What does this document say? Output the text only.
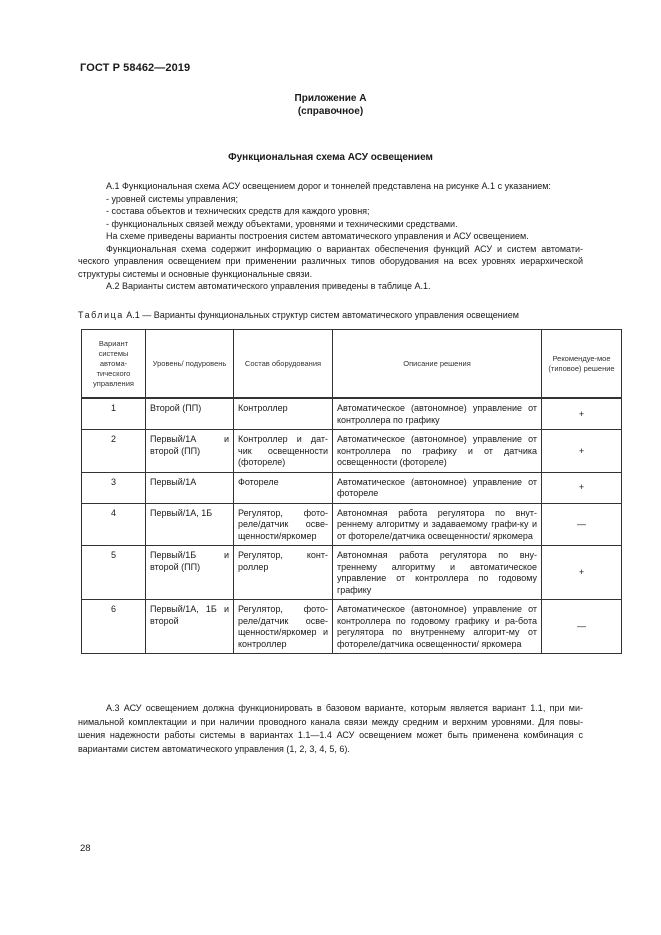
ГОСТ Р 58462—2019
Приложение А
(справочное)
Функциональная схема АСУ освещением

А.1 Функциональная схема АСУ освещением дорог и тоннелей представлена на рисунке А.1 с указанием:

- уровней системы управления;

- состава объектов и технических средств для каждого уровня;

- функциональных связей между объектами, уровнями и техническими средствами.

На схеме приведены варианты построения систем автоматического управления и АСУ освещением.

Функциональная схема содержит информацию о вариантах обеспечения функций АСУ и систем автомати-ческого управления освещением при применении различных типов оборудования на всех уровнях иерархической структуры системы и основные функциональные связи.

А.2 Варианты систем автоматического управления приведены в таблице А.1.

Таблица А.1 — Варианты функциональных структур систем автоматического управления освещением
Вариант системы автома-тического управления	Уровень/ подуровень	Состав оборудования	Описание решения	Рекомендуе-мое (типовое) решение
1	Второй (ПП)	Контроллер	Автоматическое (автономное) управление от контроллера по графику	+
2	Первый/1А и второй (ПП)	Контроллер и дат-чик освещенности (фотореле)	Автоматическое (автономное) управление от контроллера по графику и от датчика освещенности (фотореле)	+
3	Первый/1А	Фотореле	Автоматическое (автономное) управление от фотореле	+
4	Первый/1А, 1Б	Регулятор, фото-реле/датчик осве-щенности/яркомер	Автономная работа регулятора по внут-реннему алгоритму и задаваемому графи-ку и от фотореле/датчика освещенности/ яркомера	—
5	Первый/1Б и второй (ПП)	Регулятор, конт-роллер	Автономная работа регулятора по вну-треннему алгоритму и автоматическое управление от контроллера по годовому графику	+
6	Первый/1А, 1Б и второй	Регулятор, фото-реле/датчик осве-щенности/яркомер и контроллер	Автоматическое (автономное) управление от контроллера по годовому графику и ра-бота регулятора по внутреннему алгорит-му от фотореле/датчика освещенности/ яркомера	—

А.3 АСУ освещением должна функционировать в базовом варианте, которым является вариант 1.1, при ми-нимальной комплектации и при наличии проводного канала связи между средним и верхним уровнями. Для повы-шения надежности работы системы в вариантах 1.1—1.4 АСУ освещением может быть применена комбинация с вариантами систем автоматического управления (1, 2, 3, 4, 5, 6).

28
